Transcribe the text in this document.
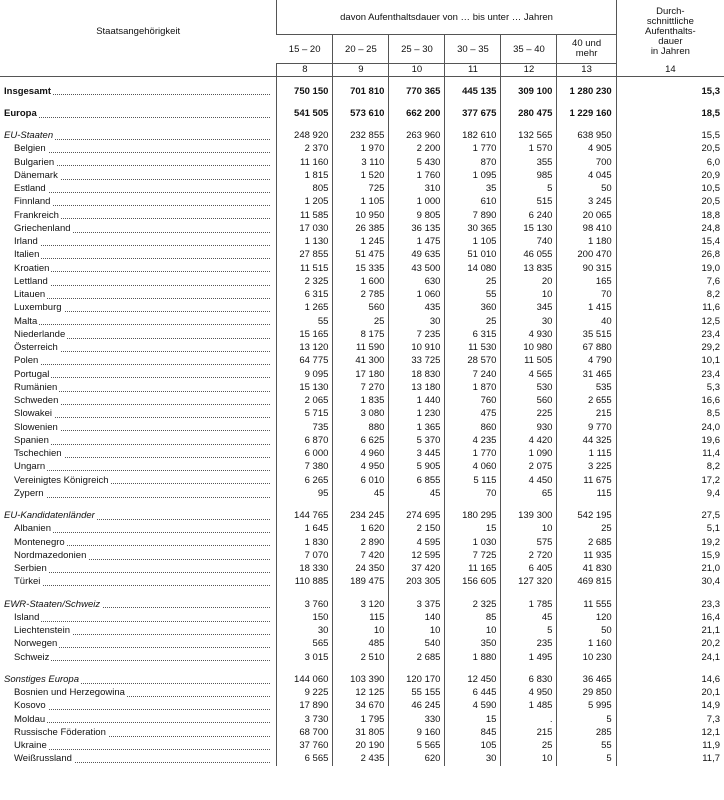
Staatsangehörigkeit	davon Aufenthaltsdauer von … bis unter … Jahren						Durch-
schnittliche
Aufenthalts-
dauer
in Jahren

	15 – 20	20 – 25	25 – 30	30 – 35	35 – 40	40 und
mehr	

	8	9	10	11	12	13	14

Insgesamt	750 150	701 810	770 365	445 135	309 100	1 280 230	15,3

Europa	541 505	573 610	662 200	377 675	280 475	1 229 160	18,5

EU-Staaten	248 920	232 855	263 960	182 610	132 565	638 950	15,5
Belgien	2 370	1 970	2 200	1 770	1 570	4 905	20,5
Bulgarien	11 160	3 110	5 430	870	355	700	6,0
Dänemark	1 815	1 520	1 760	1 095	985	4 045	20,9
Estland	805	725	310	35	5	50	10,5
Finnland	1 205	1 105	1 000	610	515	3 245	20,5
Frankreich	11 585	10 950	9 805	7 890	6 240	20 065	18,8
Griechenland	17 030	26 385	36 135	30 365	15 130	98 410	24,8
Irland	1 130	1 245	1 475	1 105	740	1 180	15,4
Italien	27 855	51 475	49 635	51 010	46 055	200 470	26,8
Kroatien	11 515	15 335	43 500	14 080	13 835	90 315	19,0
Lettland	2 325	1 600	630	25	20	165	7,6
Litauen	6 315	2 785	1 060	55	10	70	8,2
Luxemburg	1 265	560	435	360	345	1 415	11,6
Malta	55	25	30	25	30	40	12,5
Niederlande	15 165	8 175	7 235	6 315	4 930	35 515	23,4
Österreich	13 120	11 590	10 910	11 530	10 980	67 880	29,2
Polen	64 775	41 300	33 725	28 570	11 505	4 790	10,1
Portugal	9 095	17 180	18 830	7 240	4 565	31 465	23,4
Rumänien	15 130	7 270	13 180	1 870	530	535	5,3
Schweden	2 065	1 835	1 440	760	560	2 655	16,6
Slowakei	5 715	3 080	1 230	475	225	215	8,5
Slowenien	735	880	1 365	860	930	9 770	24,0
Spanien	6 870	6 625	5 370	4 235	4 420	44 325	19,6
Tschechien	6 000	4 960	3 445	1 770	1 090	1 115	11,4
Ungarn	7 380	4 950	5 905	4 060	2 075	3 225	8,2
Vereinigtes Königreich	6 265	6 010	6 855	5 115	4 450	11 675	17,2
Zypern	95	45	45	70	65	115	9,4

EU-Kandidatenländer	144 765	234 245	274 695	180 295	139 300	542 195	27,5
Albanien	1 645	1 620	2 150	15	10	25	5,1
Montenegro	1 830	2 890	4 595	1 030	575	2 685	19,2
Nordmazedonien	7 070	7 420	12 595	7 725	2 720	11 935	15,9
Serbien	18 330	24 350	37 420	11 165	6 405	41 830	21,0
Türkei	110 885	189 475	203 305	156 605	127 320	469 815	30,4

EWR-Staaten/Schweiz	3 760	3 120	3 375	2 325	1 785	11 555	23,3
Island	150	115	140	85	45	120	16,4
Liechtenstein	30	10	10	10	5	50	21,1
Norwegen	565	485	540	350	235	1 160	20,2
Schweiz	3 015	2 510	2 685	1 880	1 495	10 230	24,1

Sonstiges Europa	144 060	103 390	120 170	12 450	6 830	36 465	14,6
Bosnien und Herzegowina	9 225	12 125	55 155	6 445	4 950	29 850	20,1
Kosovo	17 890	34 670	46 245	4 590	1 485	5 995	14,9
Moldau	3 730	1 795	330	15	.	5	7,3
Russische Föderation	68 700	31 805	9 160	845	215	285	12,1
Ukraine	37 760	20 190	5 565	105	25	55	11,9
Weißrussland	6 565	2 435	620	30	10	5	11,7
